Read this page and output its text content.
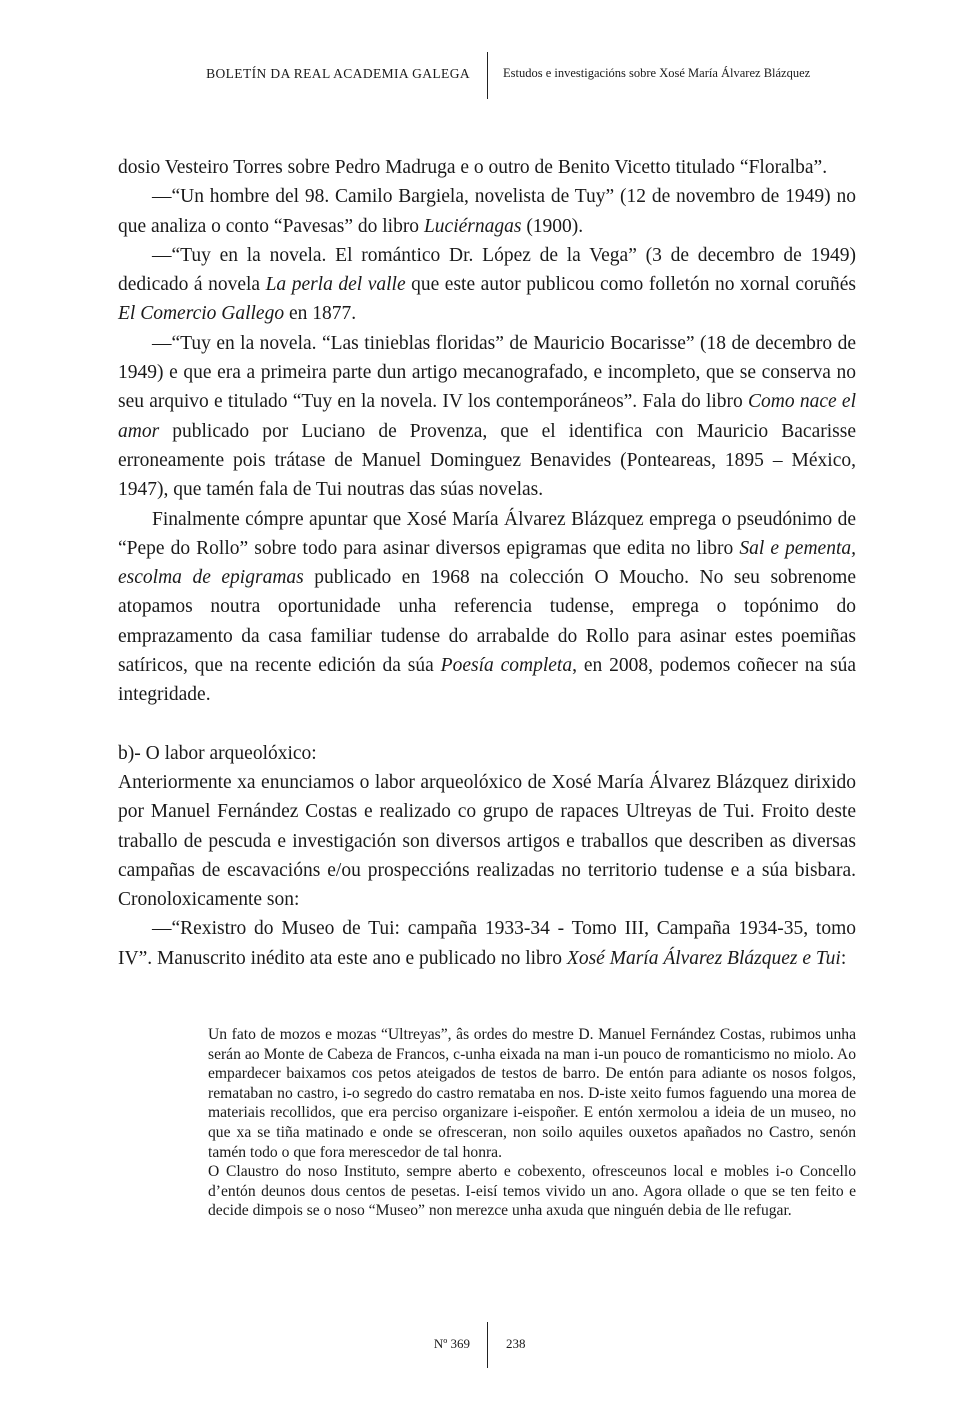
BOLETÍN DA REAL ACADEMIA GALEGA	Estudos e investigacións sobre Xosé María Álvarez Blázquez

dosio Vesteiro Torres sobre Pedro Madruga e o outro de Benito Vicetto titulado “Floralba”.

—“Un hombre del 98. Camilo Bargiela, novelista de Tuy” (12 de novembro de 1949) no que analiza o conto “Pavesas” do libro Luciérnagas (1900).

—“Tuy en la novela. El romántico Dr. López de la Vega” (3 de decembro de 1949) dedicado á novela La perla del valle que este autor publicou como folletón no xornal coruñés El Comercio Gallego en 1877.

—“Tuy en la novela. “Las tinieblas floridas” de Mauricio Bocarisse” (18 de decembro de 1949) e que era a primeira parte dun artigo mecanografado, e incompleto, que se conserva no seu arquivo e titulado “Tuy en la novela. IV los contemporáneos”. Fala do libro Como nace el amor publicado por Luciano de Provenza, que el identifica con Mauricio Bacarisse erroneamente pois trátase de Manuel Dominguez Benavides (Ponteareas, 1895 – México, 1947), que tamén fala de Tui noutras das súas novelas.

Finalmente cómpre apuntar que Xosé María Álvarez Blázquez emprega o pseudónimo de “Pepe do Rollo” sobre todo para asinar diversos epigramas que edita no libro Sal e pementa, escolma de epigramas publicado en 1968 na colección O Moucho. No seu sobrenome atopamos noutra oportunidade unha referencia tudense, emprega o topónimo do emprazamento da casa familiar tudense do arrabalde do Rollo para asinar estes poemiñas satíricos, que na recente edición da súa Poesía completa, en 2008, podemos coñecer na súa integridade.

b)- O labor arqueolóxico:

Anteriormente xa enunciamos o labor arqueolóxico de Xosé María Álvarez Blázquez dirixido por Manuel Fernández Costas e realizado co grupo de rapaces Ultreyas de Tui. Froito deste traballo de pescuda e investigación son diversos artigos e traballos que describen as diversas campañas de escavacións e/ou prospeccións realizadas no territorio tudense e a súa bisbara. Cronoloxicamente son:

—“Rexistro do Museo de Tui: campaña 1933-34 - Tomo III, Campaña 1934-35, tomo IV”. Manuscrito inédito ata este ano e publicado no libro Xosé María Álvarez Blázquez e Tui:

Un fato de mozos e mozas “Ultreyas”, âs ordes do mestre D. Manuel Fernández Costas, rubimos unha serán ao Monte de Cabeza de Francos, c-unha eixada na man i-un pouco de romanticismo no miolo. Ao empardecer baixamos cos petos ateigados de testos de barro. De entón para adiante os nosos folgos, remataban no castro, i-o segredo do castro remataba en nos. D-iste xeito fumos faguendo una morea de materiais recollidos, que era perciso organizare i-eispoñer. E entón xermolou a ideia de un museo, no que xa se tiña matinado e onde se ofresceran, non soilo aquiles ouxetos apañados no Castro, senón tamén todo o que fora merescedor de tal honra.

O Claustro do noso Instituto, sempre aberto e cobexento, ofresceunos local e mobles i-o Concello d’entón deunos dous centos de pesetas. I-eisí temos vivido un ano. Agora ollade o que se ten feito e decide dimpois se o noso “Museo” non merezce unha axuda que ninguén debia de lle refugar.

Nº 369	238
